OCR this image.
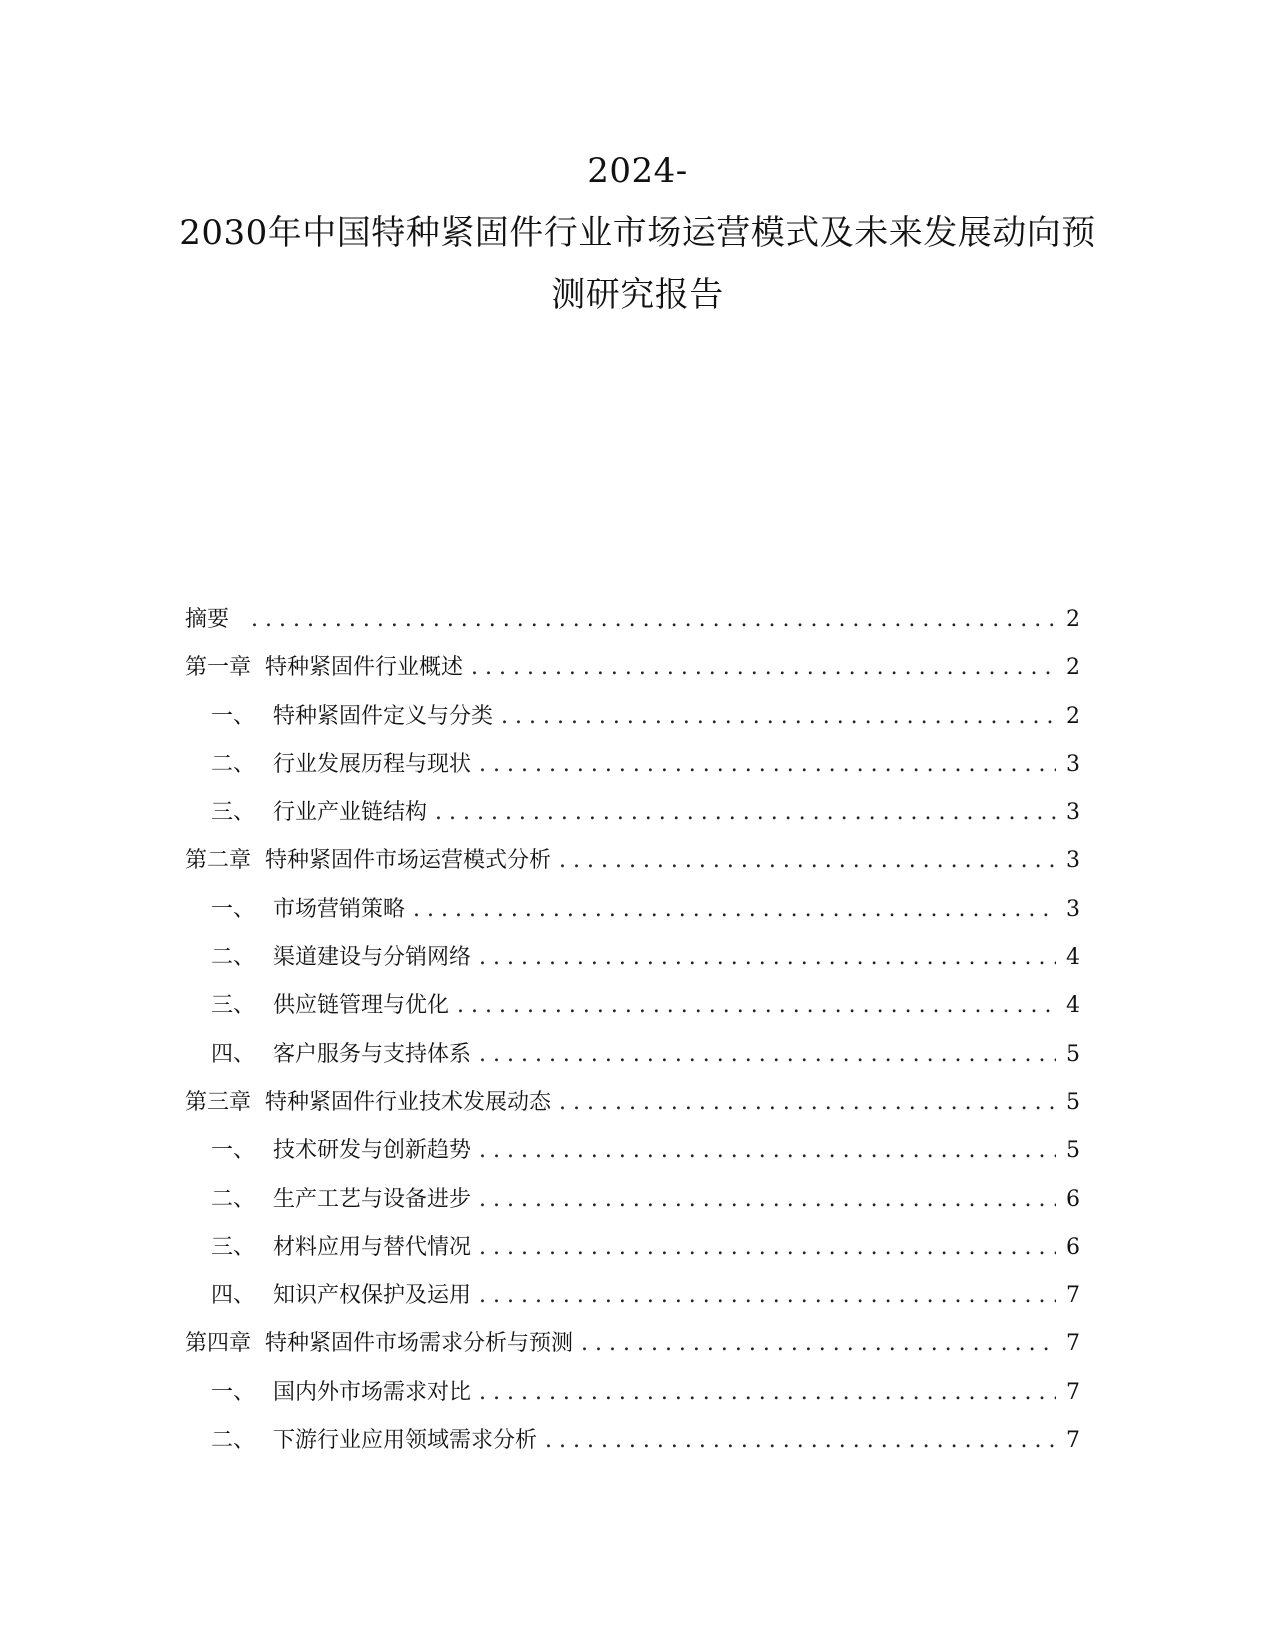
2024-
2030年中国特种紧固件行业市场运营模式及未来发展动向预
测研究报告
摘要 . . .	2
第一章 特种紧固件行业概述 . . .	2
一、 特种紧固件定义与分类 . . .	2
二、 行业发展历程与现状 . . .	3
三、 行业产业链结构 . . .	3
第二章 特种紧固件市场运营模式分析 . . .	3
一、 市场营销策略 . . .	3
二、 渠道建设与分销网络 . . .	4
三、 供应链管理与优化 . . .	4
四、 客户服务与支持体系 . . .	5
第三章 特种紧固件行业技术发展动态 . . .	5
一、 技术研发与创新趋势 . . .	5
二、 生产工艺与设备进步 . . .	6
三、 材料应用与替代情况 . . .	6
四、 知识产权保护及运用 . . .	7
第四章 特种紧固件市场需求分析与预测 . . .	7
一、 国内外市场需求对比 . . .	7
二、 下游行业应用领域需求分析 . . .	7
